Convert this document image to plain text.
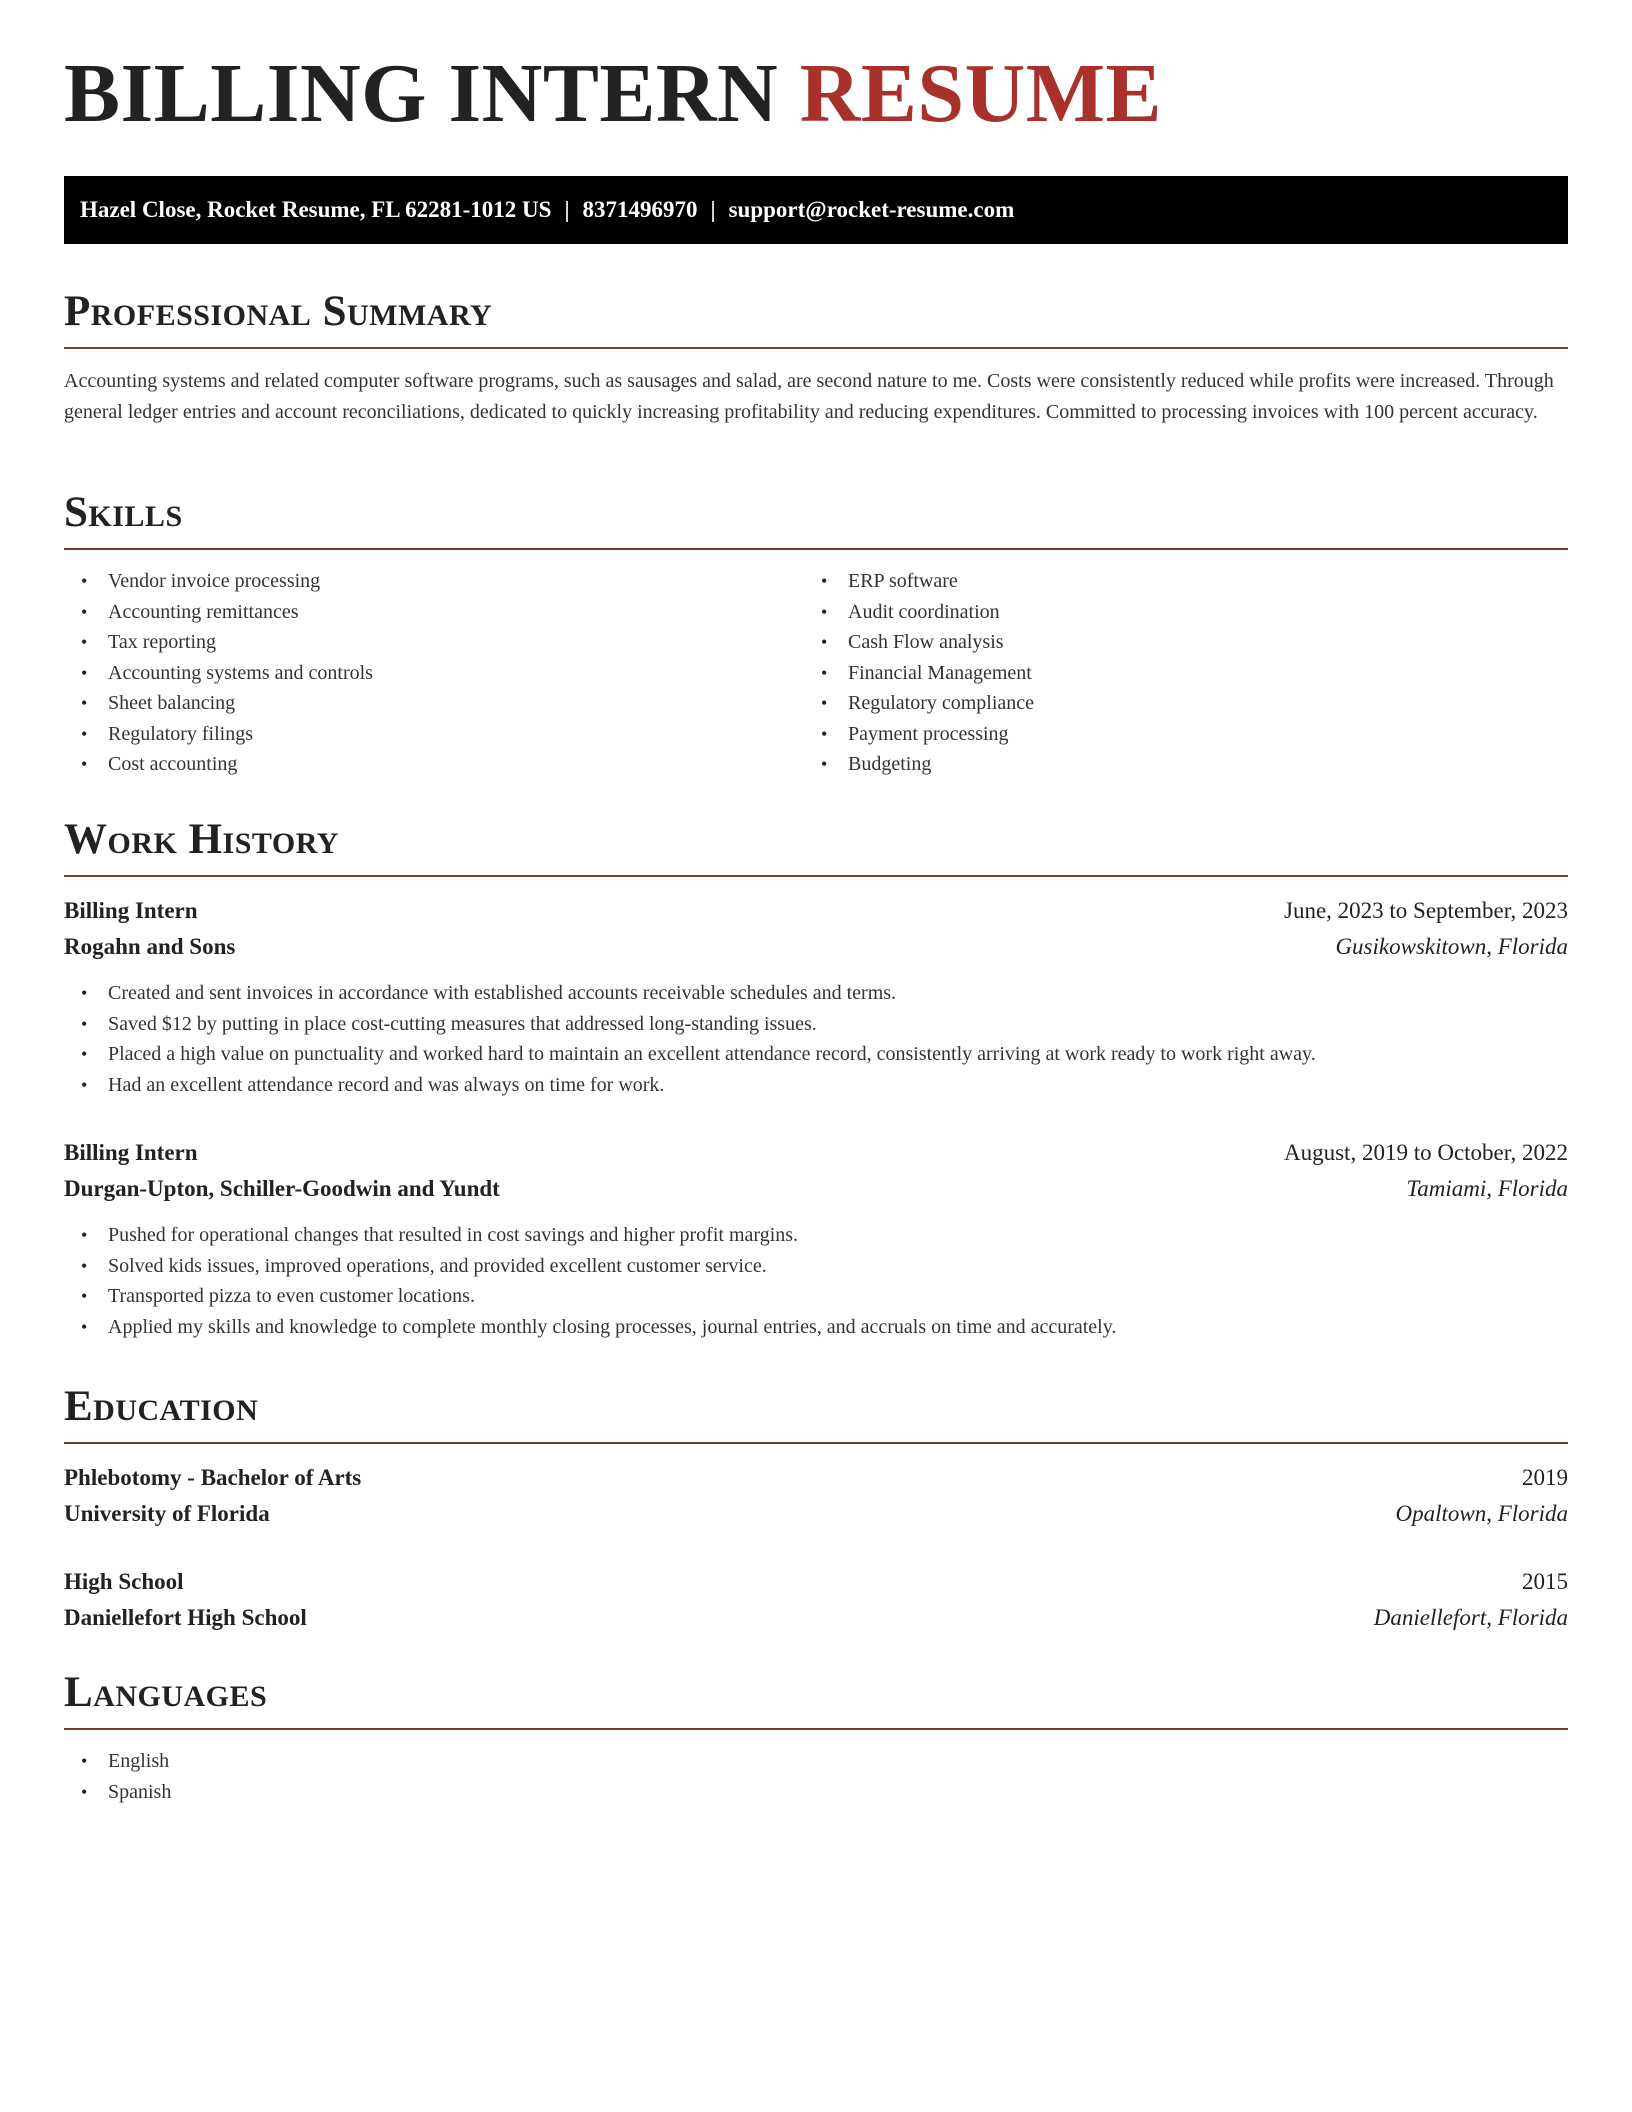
BILLING INTERN RESUME
Hazel Close, Rocket Resume, FL 62281-1012 US | 8371496970 | support@rocket-resume.com
Professional Summary

Accounting systems and related computer software programs, such as sausages and salad, are second nature to me. Costs were consistently reduced while profits were increased. Through general ledger entries and account reconciliations, dedicated to quickly increasing profitability and reducing expenditures. Committed to processing invoices with 100 percent accuracy.

Skills
• Vendor invoice processing
• Accounting remittances
• Tax reporting
• Accounting systems and controls
• Sheet balancing
• Regulatory filings
• Cost accounting
• ERP software
• Audit coordination
• Cash Flow analysis
• Financial Management
• Regulatory compliance
• Payment processing
• Budgeting
Work History
Billing Intern	June, 2023 to September, 2023
Rogahn and Sons	Gusikowskitown, Florida
• Created and sent invoices in accordance with established accounts receivable schedules and terms.
• Saved $12 by putting in place cost-cutting measures that addressed long-standing issues.
• Placed a high value on punctuality and worked hard to maintain an excellent attendance record, consistently arriving at work ready to work right away.
• Had an excellent attendance record and was always on time for work.
Billing Intern	August, 2019 to October, 2022
Durgan-Upton, Schiller-Goodwin and Yundt	Tamiami, Florida
• Pushed for operational changes that resulted in cost savings and higher profit margins.
• Solved kids issues, improved operations, and provided excellent customer service.
• Transported pizza to even customer locations.
• Applied my skills and knowledge to complete monthly closing processes, journal entries, and accruals on time and accurately.
Education
Phlebotomy - Bachelor of Arts	2019
University of Florida	Opaltown, Florida
High School	2015
Daniellefort High School	Daniellefort, Florida
Languages
• English
• Spanish
